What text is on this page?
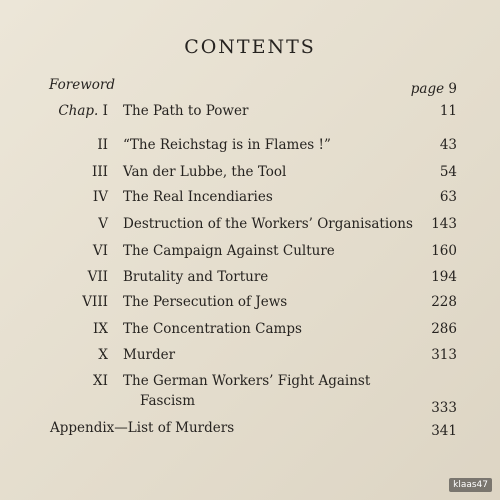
CONTENTS
Foreword	page 9
Chap. I The Path to Power	11
II “The Reichstag is in Flames !”	43
III Van der Lubbe, the Tool	54
IV The Real Incendiaries	63
V Destruction of the Workers’ Organisations 143
VI The Campaign Against Culture	160
VII Brutality and Torture	194
VIII The Persecution of Jews	228
IX The Concentration Camps	286
X Murder	313
XI The German Workers’ Fight Against
Fascism	333
Appendix—List of Murders	341
klaas47
